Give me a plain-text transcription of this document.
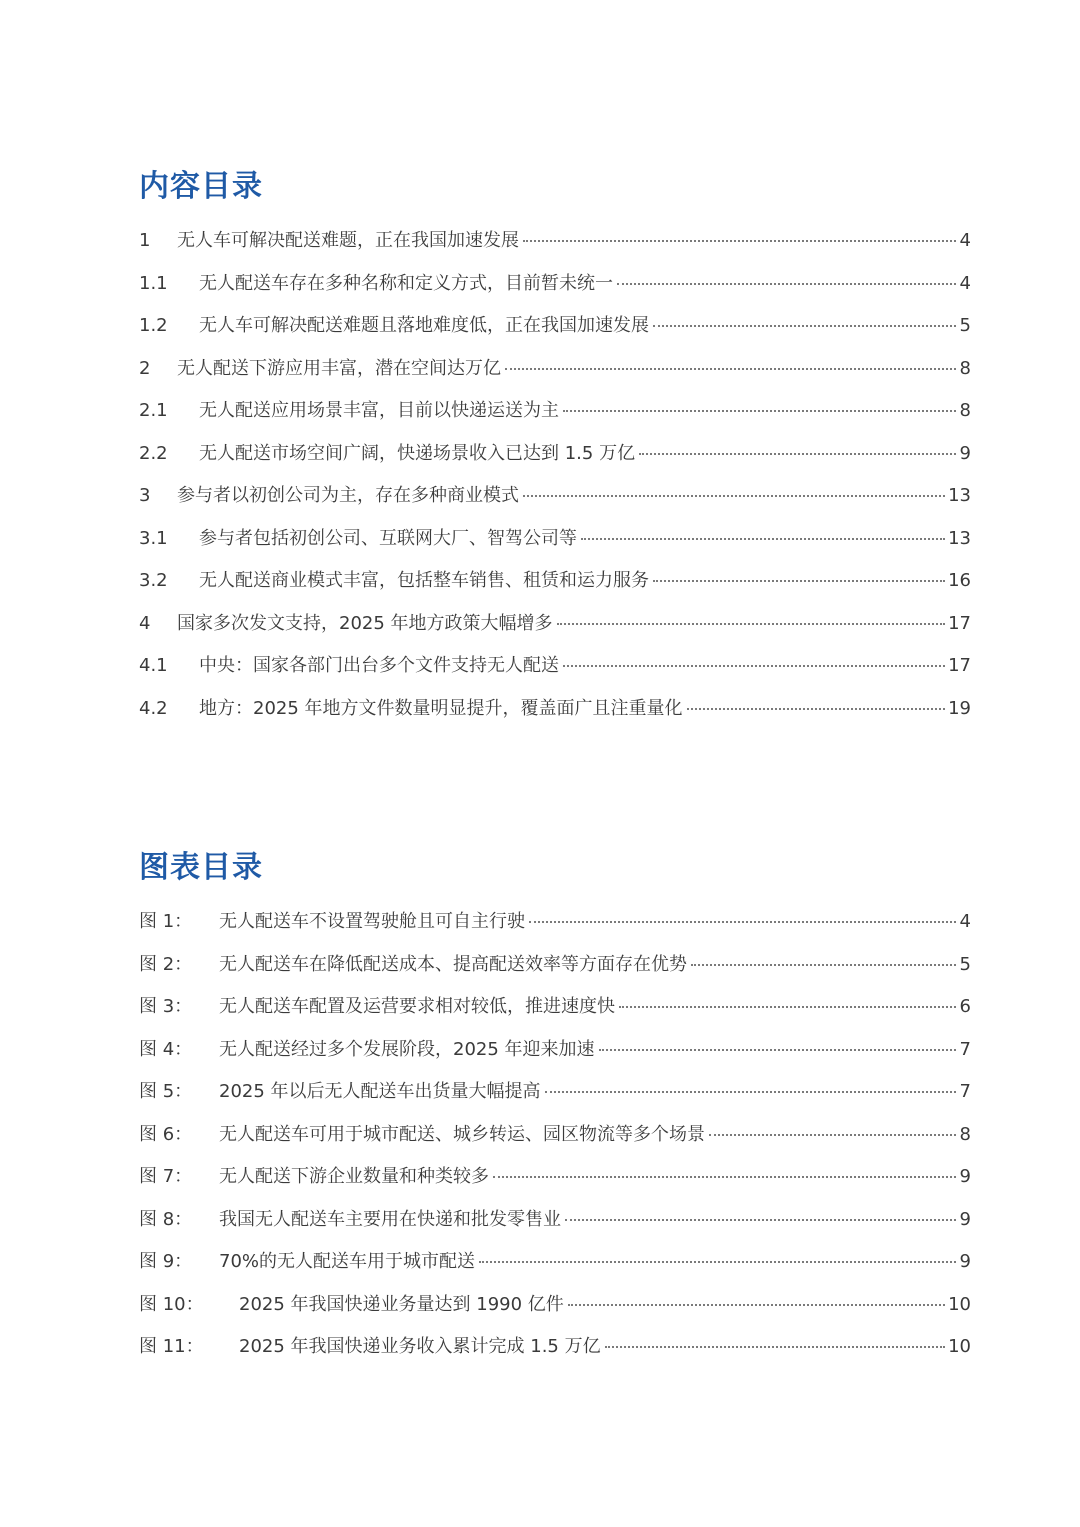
内容目录
1	无人车可解决配送难题，正在我国加速发展	4
1.1	无人配送车存在多种名称和定义方式，目前暂未统一	4
1.2	无人车可解决配送难题且落地难度低，正在我国加速发展	5
2	无人配送下游应用丰富，潜在空间达万亿	8
2.1	无人配送应用场景丰富，目前以快递运送为主	8
2.2	无人配送市场空间广阔，快递场景收入已达到 1.5 万亿	9
3	参与者以初创公司为主，存在多种商业模式	13
3.1	参与者包括初创公司、互联网大厂、智驾公司等	13
3.2	无人配送商业模式丰富，包括整车销售、租赁和运力服务	16
4	国家多次发文支持，2025 年地方政策大幅增多	17
4.1	中央：国家各部门出台多个文件支持无人配送	17
4.2	地方：2025 年地方文件数量明显提升，覆盖面广且注重量化	19
图表目录
图 1：	无人配送车不设置驾驶舱且可自主行驶	4
图 2：	无人配送车在降低配送成本、提高配送效率等方面存在优势	5
图 3：	无人配送车配置及运营要求相对较低，推进速度快	6
图 4：	无人配送经过多个发展阶段，2025 年迎来加速	7
图 5：	2025 年以后无人配送车出货量大幅提高	7
图 6：	无人配送车可用于城市配送、城乡转运、园区物流等多个场景	8
图 7：	无人配送下游企业数量和种类较多	9
图 8：	我国无人配送车主要用在快递和批发零售业	9
图 9：	70%的无人配送车用于城市配送	9
图 10：	2025 年我国快递业务量达到 1990 亿件	10
图 11：	2025 年我国快递业务收入累计完成 1.5 万亿	10
